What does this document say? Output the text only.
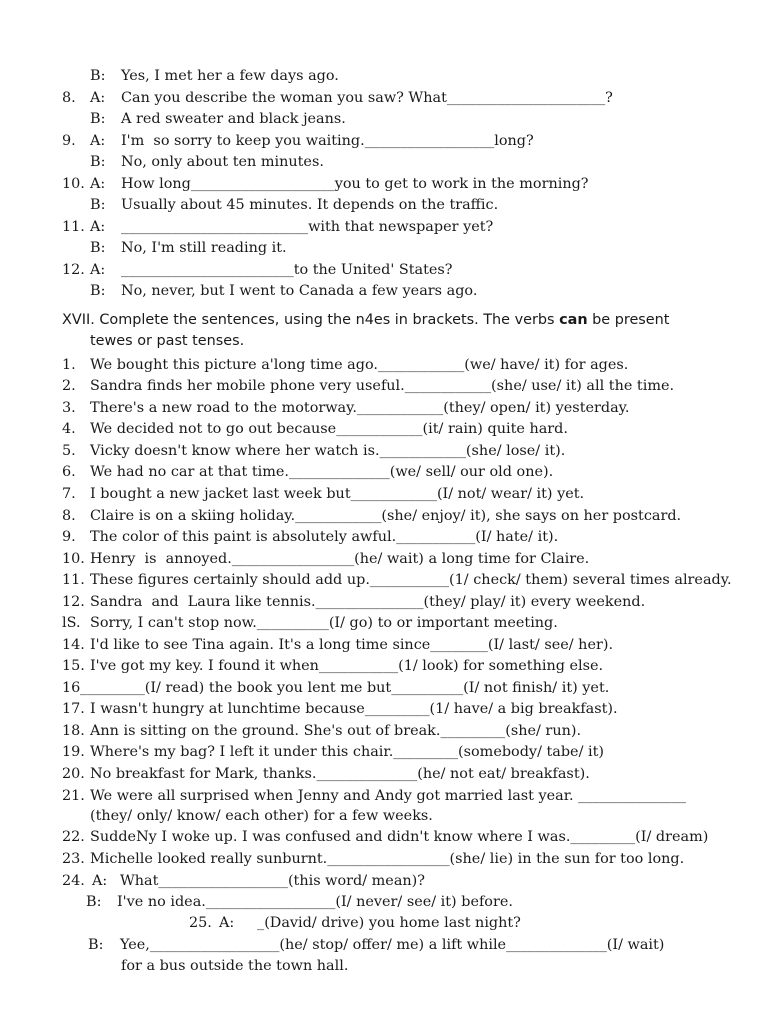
B: Yes, I met her a few days ago.
8. A: Can you describe the woman you saw? What______________________?
B: A red sweater and black jeans.
9. A: I'm  so sorry to keep you waiting.__________________long?
B: No, only about ten minutes.
10. A: How long____________________you to get to work in the morning?
B: Usually about 45 minutes. It depends on the traffic.
11. A: __________________________with that newspaper yet?
B: No, I'm still reading it.
12. A: ________________________to the United' States?
B: No, never, but I went to Canada a few years ago.
XVII. Complete the sentences, using the n4es in brackets. The verbs can be present
tewes or past tenses.
1. We bought this picture a'long time ago.____________(we/ have/ it) for ages.
2. Sandra finds her mobile phone very useful.____________(she/ use/ it) all the time.
3. There's a new road to the motorway.____________(they/ open/ it) yesterday.
4. We decided not to go out because____________(it/ rain) quite hard.
5. Vicky doesn't know where her watch is.____________(she/ lose/ it).
6. We had no car at that time.______________(we/ sell/ our old one).
7. I bought a new jacket last week but____________(I/ not/ wear/ it) yet.
8. Claire is on a skiing holiday.____________(she/ enjoy/ it), she says on her postcard.
9. The color of this paint is absolutely awful.___________(I/ hate/ it).
10. Henry  is  annoyed._________________(he/ wait) a long time for Claire.
11. These figures certainly should add up.___________(1/ check/ them) several times already.
12. Sandra  and  Laura like tennis._______________(they/ play/ it) every weekend.
lS. Sorry, I can't stop now.__________(I/ go) to or important meeting.
14. I'd like to see Tina again. It's a long time since________(I/ last/ see/ her).
15. I've got my key. I found it when___________(1/ look) for something else.
16 _________(I/ read) the book you lent me but__________(I/ not finish/ it) yet.
17. I wasn't hungry at lunchtime because_________(1/ have/ a big breakfast).
18. Ann is sitting on the ground. She's out of break._________(she/ run).
19. Where's my bag? I left it under this chair._________(somebody/ tabe/ it)
20. No breakfast for Mark, thanks.______________(he/ not eat/ breakfast).
21. We were all surprised when Jenny and Andy got married last year. _______________
(they/ only/ know/ each other) for a few weeks.
22. SuddeNy I woke up. I was confused and didn't know where I was._________(I/ dream)
23. Michelle looked really sunburnt._________________(she/ lie) in the sun for too long.
24. A: What__________________(this word/ mean)?
B: I've no idea.__________________(I/ never/ see/ it) before.
25. A: _(David/ drive) you home last night?
B: Yee,__________________(he/ stop/ offer/ me) a lift while______________(I/ wait)
for a bus outside the town hall.
